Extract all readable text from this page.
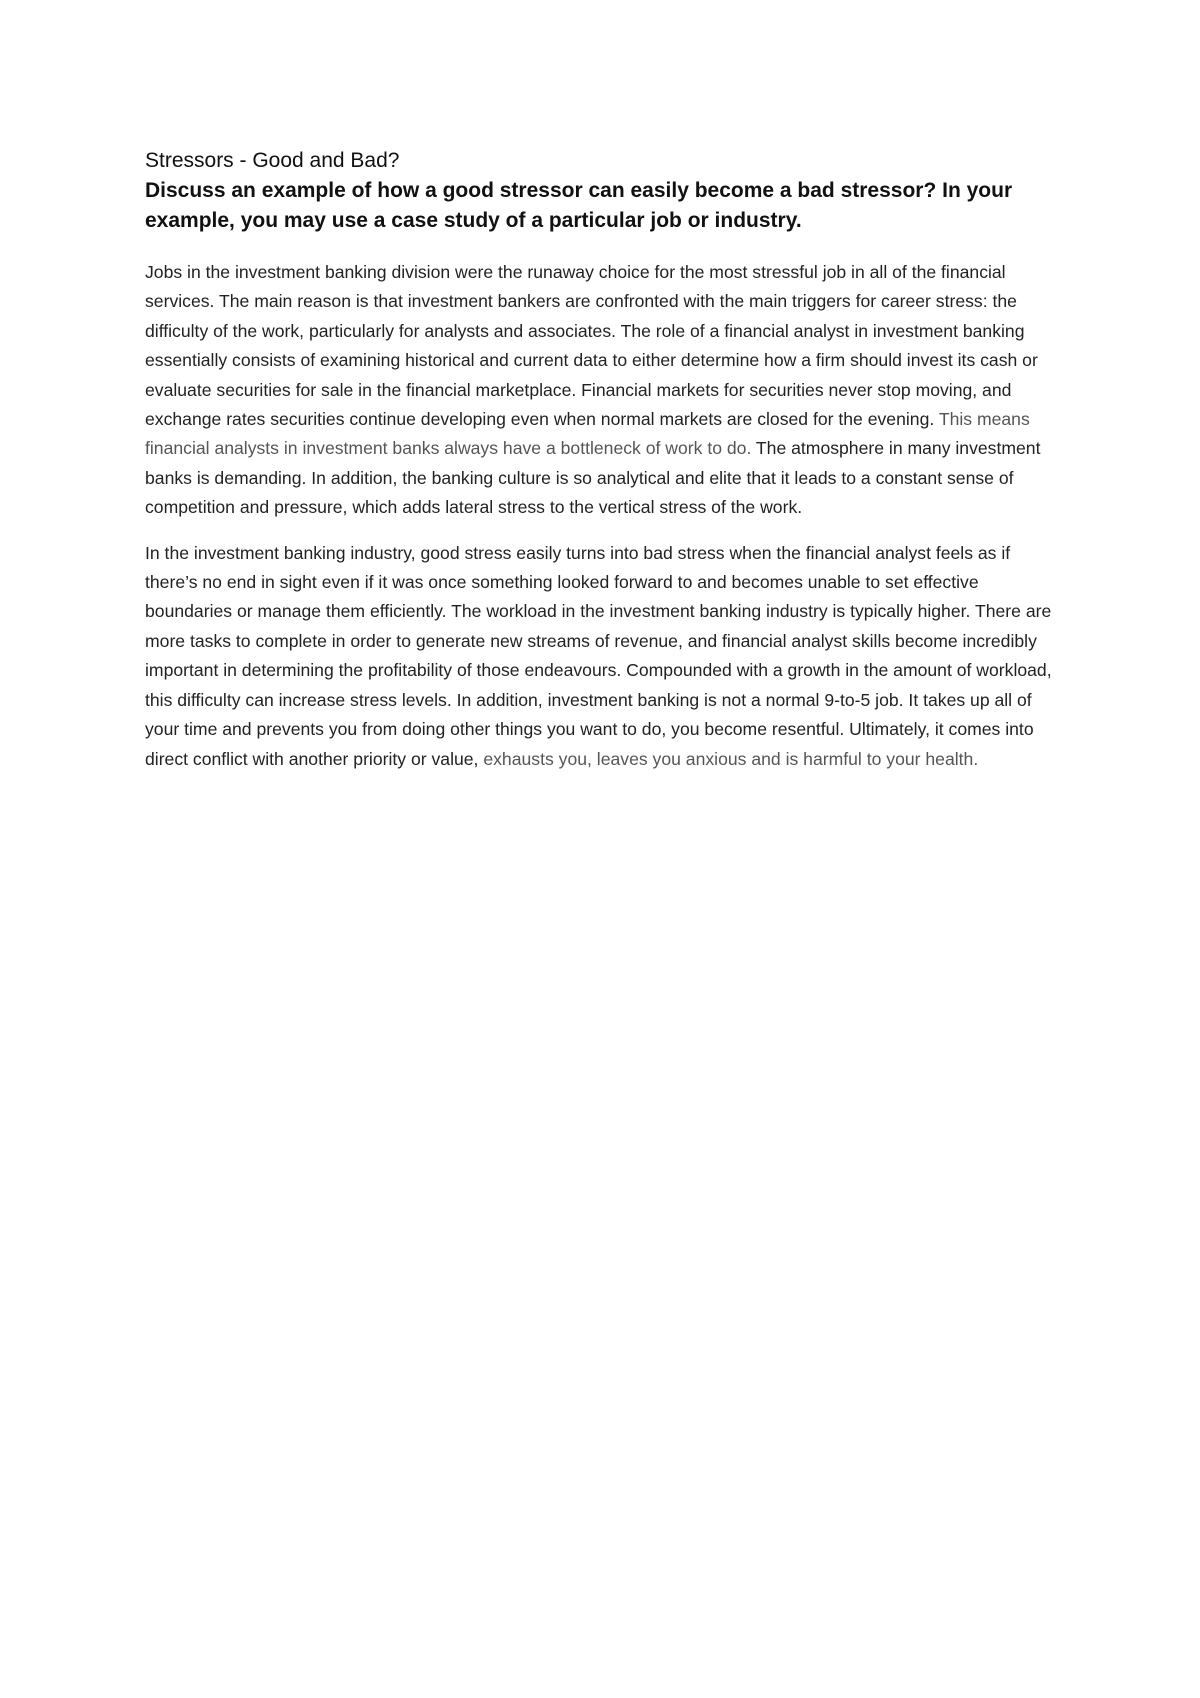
Stressors - Good and Bad?

Discuss an example of how a good stressor can easily become a bad stressor? In your example, you may use a case study of a particular job or industry.

Jobs in the investment banking division were the runaway choice for the most stressful job in all of the financial services. The main reason is that investment bankers are confronted with the main triggers for career stress: the difficulty of the work, particularly for analysts and associates. The role of a financial analyst in investment banking essentially consists of examining historical and current data to either determine how a firm should invest its cash or evaluate securities for sale in the financial marketplace. Financial markets for securities never stop moving, and exchange rates securities continue developing even when normal markets are closed for the evening. This means financial analysts in investment banks always have a bottleneck of work to do. The atmosphere in many investment banks is demanding. In addition, the banking culture is so analytical and elite that it leads to a constant sense of competition and pressure, which adds lateral stress to the vertical stress of the work.

In the investment banking industry, good stress easily turns into bad stress when the financial analyst feels as if there’s no end in sight even if it was once something looked forward to and becomes unable to set effective boundaries or manage them efficiently. The workload in the investment banking industry is typically higher. There are more tasks to complete in order to generate new streams of revenue, and financial analyst skills become incredibly important in determining the profitability of those endeavours. Compounded with a growth in the amount of workload, this difficulty can increase stress levels. In addition, investment banking is not a normal 9-to-5 job. It takes up all of your time and prevents you from doing other things you want to do, you become resentful. Ultimately, it comes into direct conflict with another priority or value, exhausts you, leaves you anxious and is harmful to your health.
